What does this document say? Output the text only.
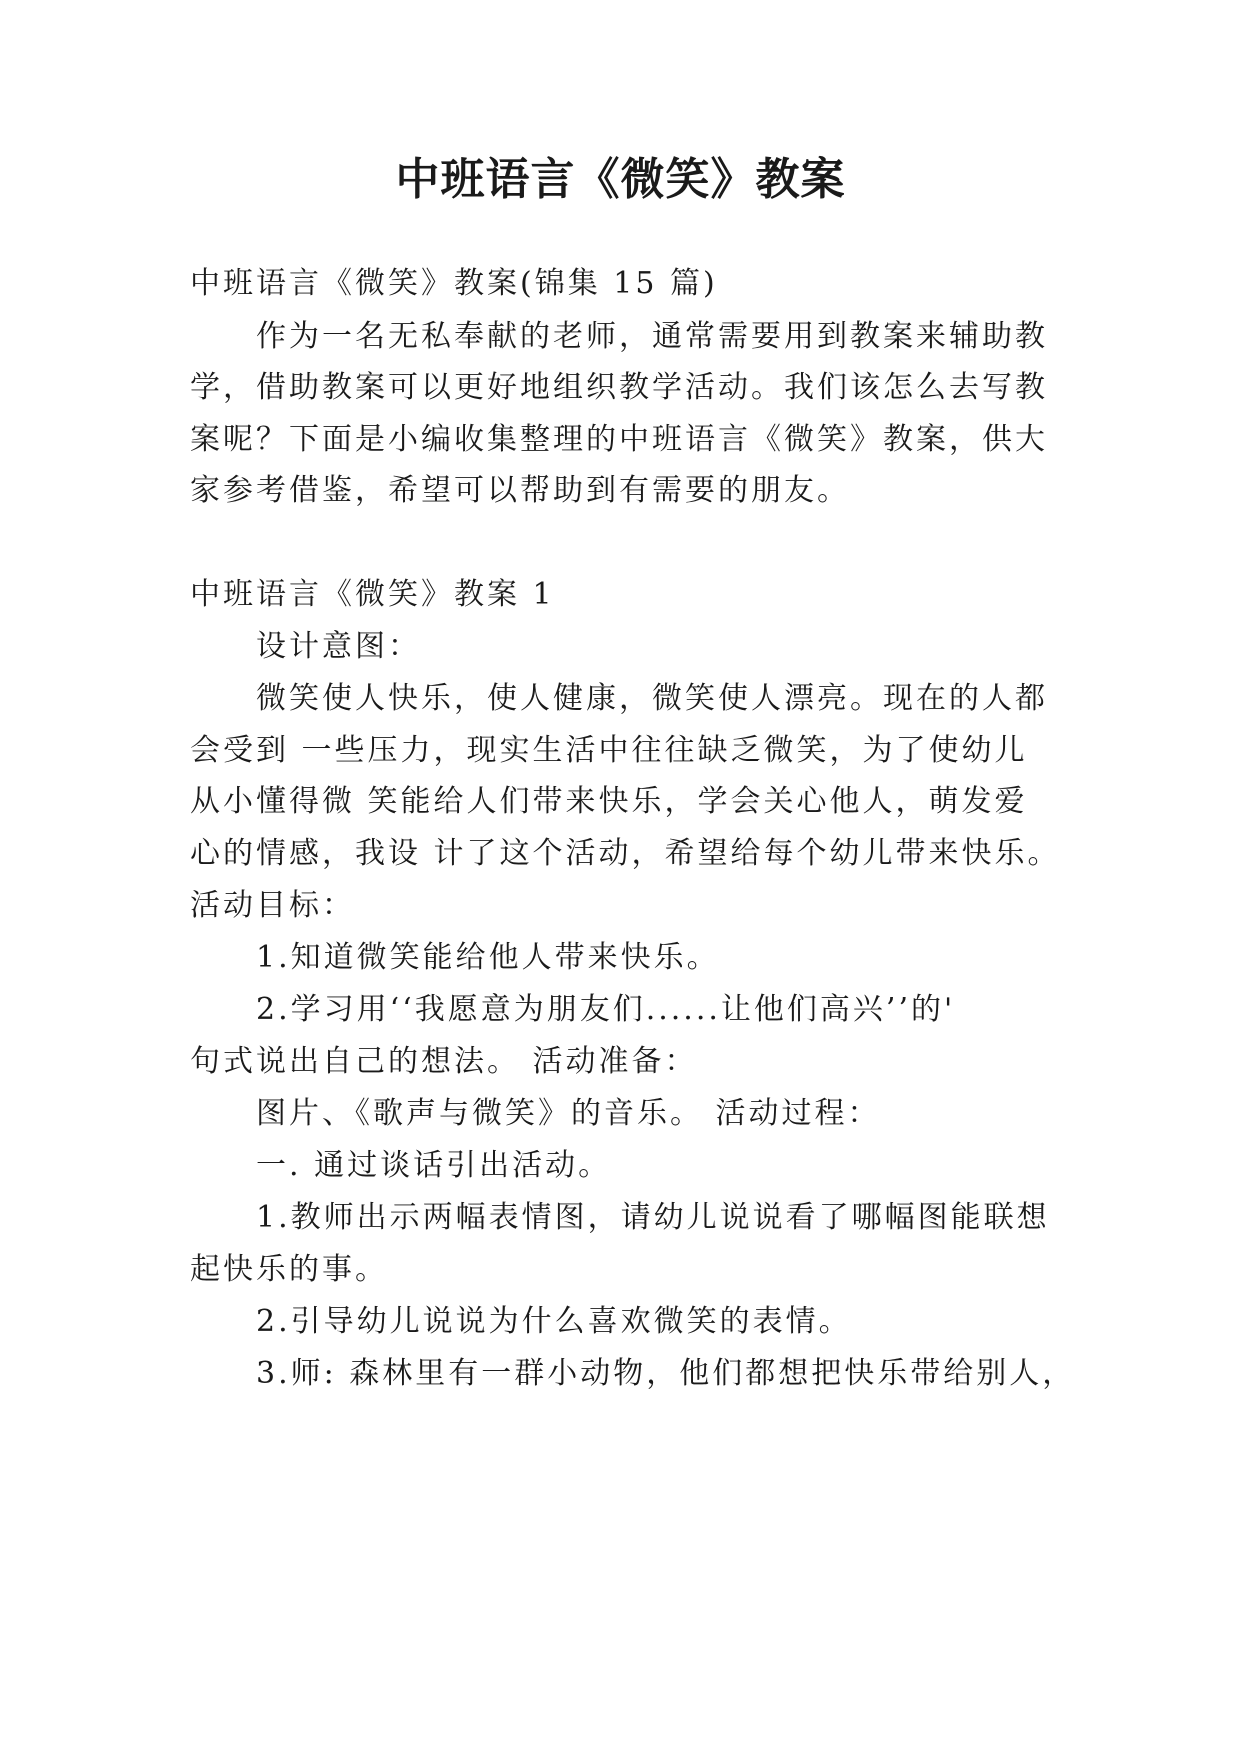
中班语言《微笑》教案
中班语言《微笑》教案(锦集 15 篇)
作为一名无私奉献的老师，通常需要用到教案来辅助教
学，借助教案可以更好地组织教学活动。我们该怎么去写教
案呢？下面是小编收集整理的中班语言《微笑》教案，供大
家参考借鉴，希望可以帮助到有需要的朋友。
中班语言《微笑》教案 1
设计意图：
微笑使人快乐，使人健康，微笑使人漂亮。现在的人都
会受到 一些压力，现实生活中往往缺乏微笑，为了使幼儿
从小懂得微 笑能给人们带来快乐，学会关心他人，萌发爱
心的情感，我设 计了这个活动，希望给每个幼儿带来快乐。
活动目标：
1.知道微笑能给他人带来快乐。
2.学习用‘‘我愿意为朋友们......让他们高兴’’的'
句式说出自己的想法。 活动准备：
图片、《歌声与微笑》的音乐。 活动过程：
一. 通过谈话引出活动。
1.教师出示两幅表情图，请幼儿说说看了哪幅图能联想
起快乐的事。
2.引导幼儿说说为什么喜欢微笑的表情。
3.师: 森林里有一群小动物，他们都想把快乐带给别人，
